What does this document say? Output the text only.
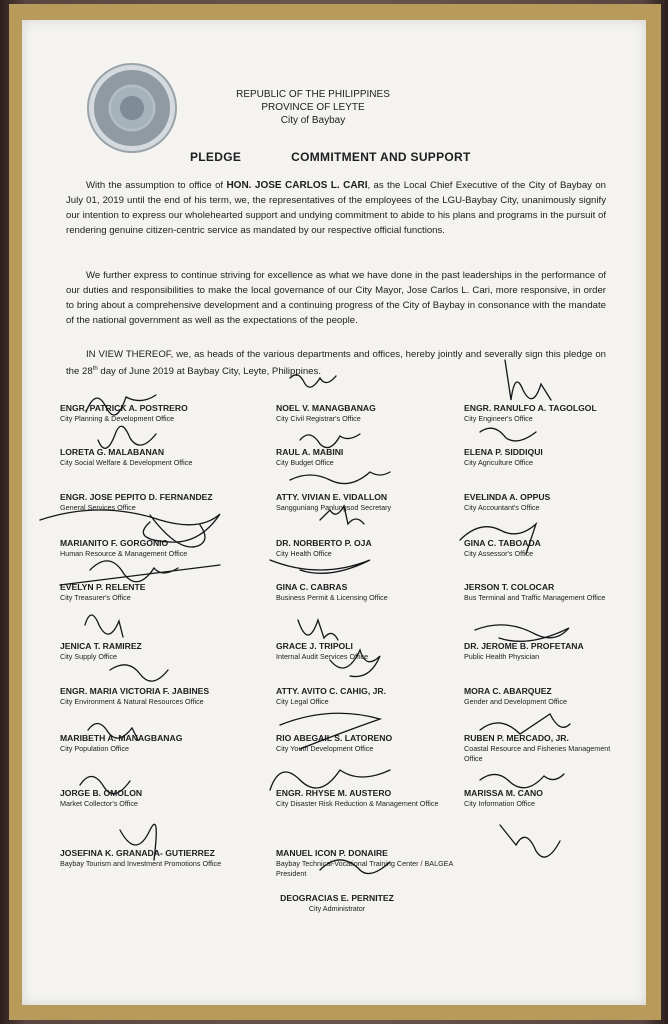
REPUBLIC OF THE PHILIPPINES
PROVINCE OF LEYTE
City of Baybay
PLEDGE	COMMITMENT AND SUPPORT
With the assumption to office of HON. JOSE CARLOS L. CARI, as the Local Chief Executive of the City of Baybay on July 01, 2019 until the end of his term, we, the representatives of the employees of the LGU-Baybay City, unanimously signify our intention to express our wholehearted support and undying commitment to abide to his plans and programs in the pursuit of rendering genuine citizen-centric service as mandated by our respective official functions.
We further express to continue striving for excellence as what we have done in the past leaderships in the performance of our duties and responsibilities to make the local governance of our City Mayor, Jose Carlos L. Cari, more responsive, in order to bring about a comprehensive development and a continuing progress of the City of Baybay in consonance with the mandate of the national government as well as the expectations of the people.
IN VIEW THEREOF, we, as heads of the various departments and offices, hereby jointly and severally sign this pledge on the 28th day of June 2019 at Baybay City, Leyte, Philippines.
ENGR. PATRICK A. POSTRERO
City Planning & Development Office
NOEL V. MANAGBANAG
City Civil Registrar's Office
ENGR. RANULFO A. TAGOLGOL
City Engineer's Office
LORETA G. MALABANAN
City Social Welfare & Development Office
RAUL A. MABINI
City Budget Office
ELENA P. SIDDIQUI
City Agriculture Office
ENGR. JOSE PEPITO D. FERNANDEZ
General Services Office
ATTY. VIVIAN E. VIDALLON
Sangguniang Panlungsod Secretary
EVELINDA A. OPPUS
City Accountant's Office
MARIANITO F. GORGONIO
Human Resource & Management Office
DR. NORBERTO P. OJA
City Health Office
GINA C. TABOADA
City Assessor's Office
EVELYN P. RELENTE
City Treasurer's Office
GINA C. CABRAS
Business Permit & Licensing Office
JERSON T. COLOCAR
Bus Terminal and Traffic Management Office
JENICA T. RAMIREZ
City Supply Office
GRACE J. TRIPOLI
Internal Audit Services Office
DR. JEROME B. PROFETANA
Public Health Physician
ENGR. MARIA VICTORIA F. JABINES
City Environment & Natural Resources Office
ATTY. AVITO C. CAHIG, JR.
City Legal Office
MORA C. ABARQUEZ
Gender and Development Office
MARIBETH A. MANAGBANAG
City Population Office
RIO ABEGAIL S. LATORENO
City Youth Development Office
RUBEN P. MERCADO, JR.
Coastal Resource and Fisheries Management Office
JORGE B. OMOLON
Market Collector's Office
ENGR. RHYSE M. AUSTERO
City Disaster Risk Reduction & Management Office
MARISSA M. CANO
City Information Office
JOSEFINA K. GRANADA- GUTIERREZ
Baybay Tourism and Investment Promotions Office
MANUEL ICON P. DONAIRE
Baybay Technical-Vocational Training Center / BALGEA President
DEOGRACIAS E. PERNITEZ
City Administrator
